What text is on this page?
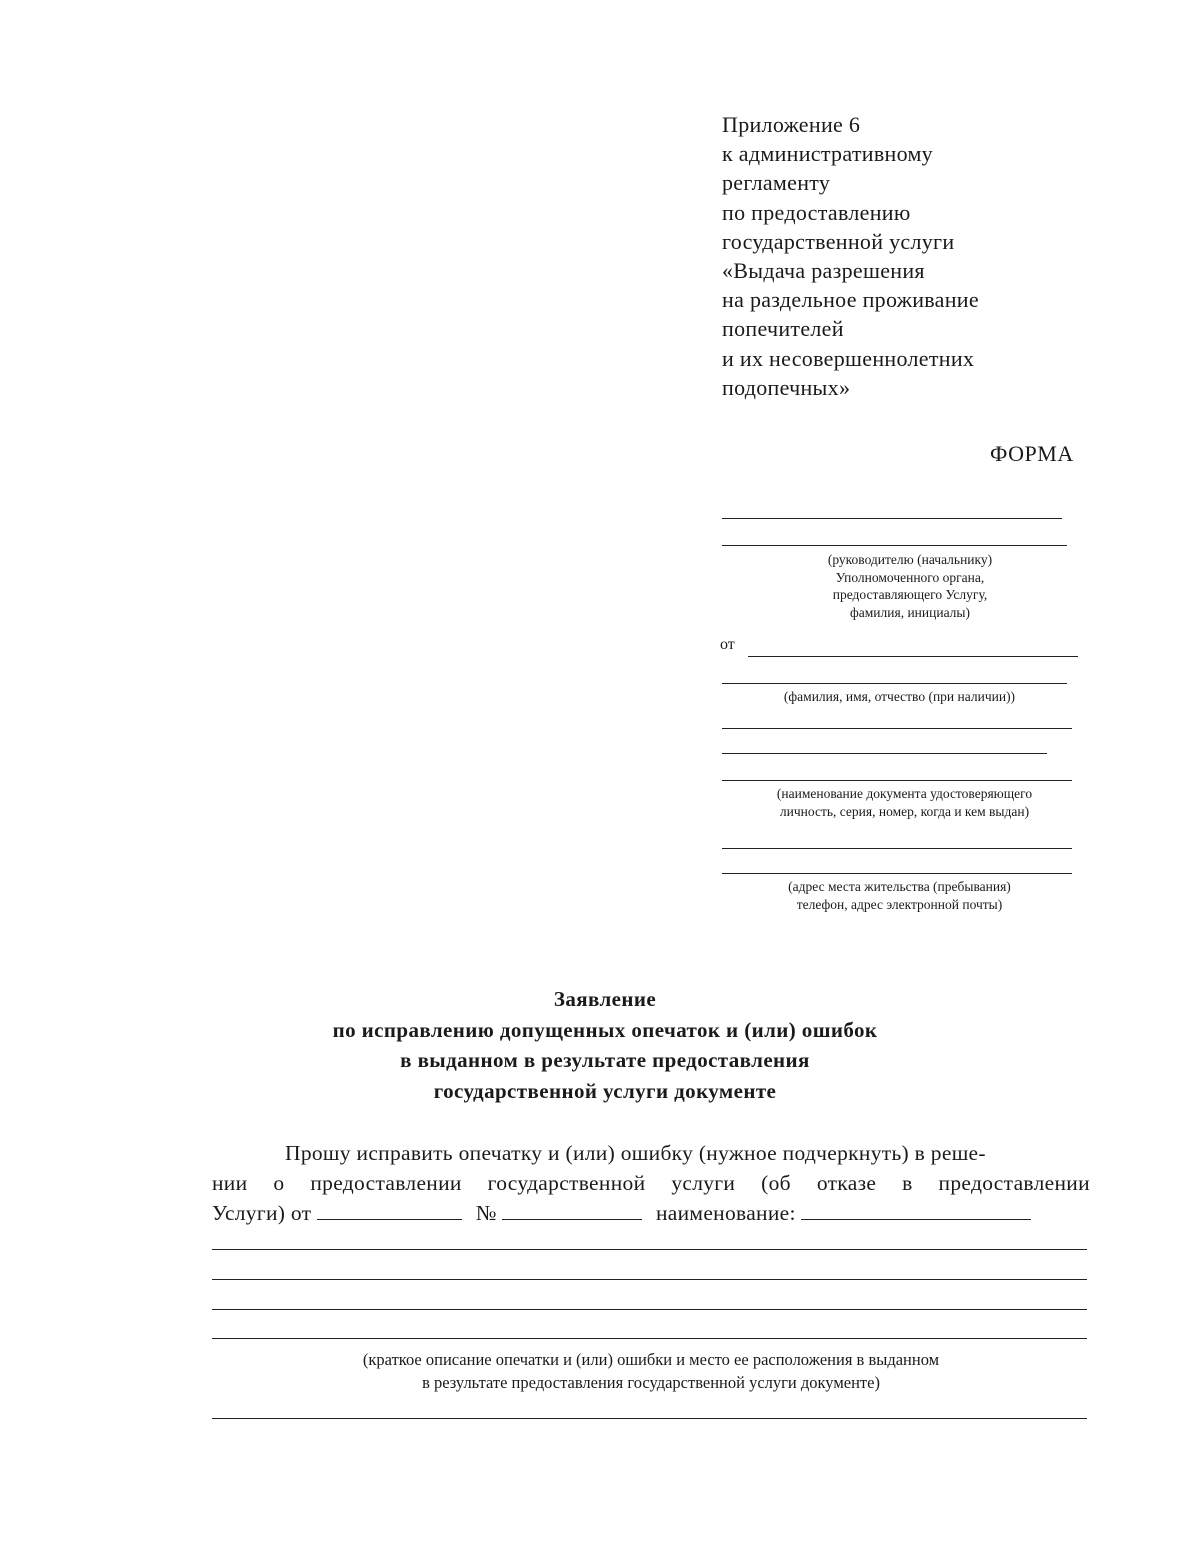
Приложение 6
к административному
регламенту
по предоставлению
государственной услуги
«Выдача разрешения
на раздельное проживание
попечителей
и их несовершеннолетних
подопечных»
ФОРМА
(руководителю (начальнику)
Уполномоченного органа,
предоставляющего Услугу,
фамилия, инициалы)
от
(фамилия, имя, отчество (при наличии))
(наименование документа удостоверяющего
личность, серия, номер, когда и кем выдан)
(адрес места жительства (пребывания)
телефон, адрес электронной почты)
Заявление
по исправлению допущенных опечаток и (или) ошибок
в выданном в результате предоставления
государственной услуги документе
Прошу исправить опечатку и (или) ошибку (нужное подчеркнуть) в реше-
нии о предоставлении государственной услуги (об отказе в предоставлении
Услуги) от	№	наименование:
(краткое описание опечатки и (или) ошибки и место ее расположения в выданном
в результате предоставления государственной услуги документе)
